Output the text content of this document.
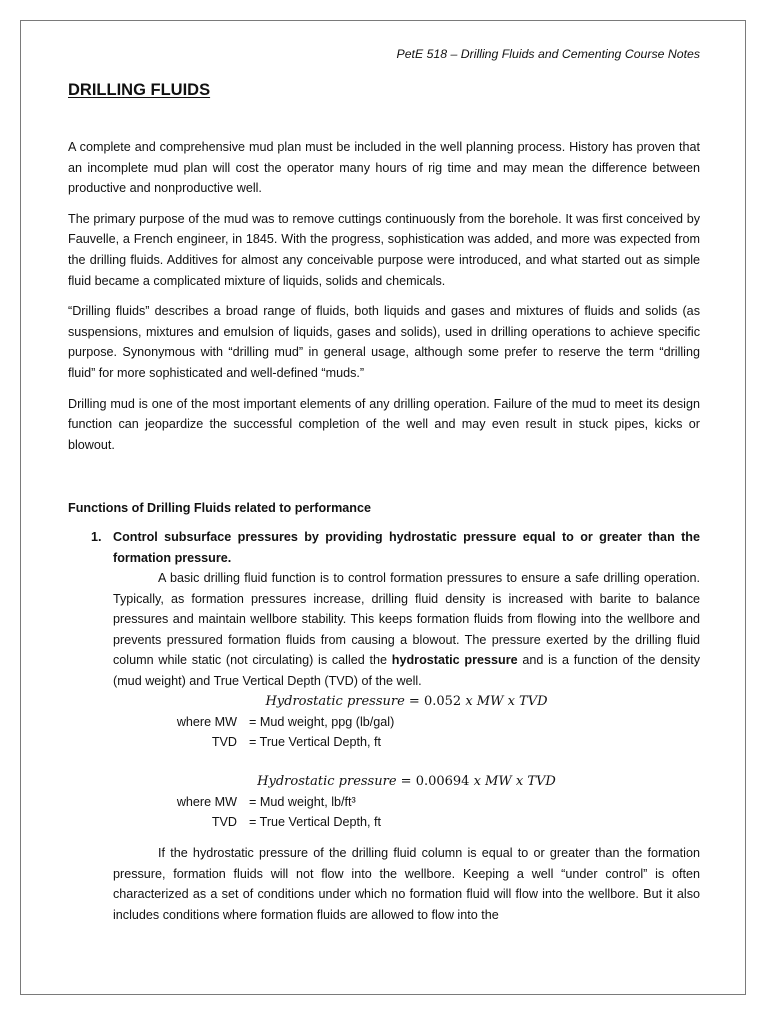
PetE 518 – Drilling Fluids and Cementing Course Notes

DRILLING FLUIDS

A complete and comprehensive mud plan must be included in the well planning process. History has proven that an incomplete mud plan will cost the operator many hours of rig time and may mean the difference between productive and nonproductive well.

The primary purpose of the mud was to remove cuttings continuously from the borehole. It was first conceived by Fauvelle, a French engineer, in 1845. With the progress, sophistication was added, and more was expected from the drilling fluids. Additives for almost any conceivable purpose were introduced, and what started out as simple fluid became a complicated mixture of liquids, solids and chemicals.

“Drilling fluids” describes a broad range of fluids, both liquids and gases and mixtures of fluids and solids (as suspensions, mixtures and emulsion of liquids, gases and solids), used in drilling operations to achieve specific purpose. Synonymous with “drilling mud” in general usage, although some prefer to reserve the term “drilling fluid” for more sophisticated and well-defined “muds.”

Drilling mud is one of the most important elements of any drilling operation. Failure of the mud to meet its design function can jeopardize the successful completion of the well and may even result in stuck pipes, kicks or blowout.

Functions of Drilling Fluids related to performance
1. Control subsurface pressures by providing hydrostatic pressure equal to or greater than the formation pressure.

A basic drilling fluid function is to control formation pressures to ensure a safe drilling operation. Typically, as formation pressures increase, drilling fluid density is increased with barite to balance pressures and maintain wellbore stability. This keeps formation fluids from flowing into the wellbore and prevents pressured formation fluids from causing a blowout. The pressure exerted by the drilling fluid column while static (not circulating) is called the hydrostatic pressure and is a function of the density (mud weight) and True Vertical Depth (TVD) of the well.

Hydrostatic pressure = 0.052 x MW x TVD

where MW = Mud weight, ppg (lb/gal)
TVD = True Vertical Depth, ft

Hydrostatic pressure = 0.00694 x MW x TVD

where MW = Mud weight, lb/ft³
TVD = True Vertical Depth, ft

If the hydrostatic pressure of the drilling fluid column is equal to or greater than the formation pressure, formation fluids will not flow into the wellbore. Keeping a well “under control” is often characterized as a set of conditions under which no formation fluid will flow into the wellbore. But it also includes conditions where formation fluids are allowed to flow into the
